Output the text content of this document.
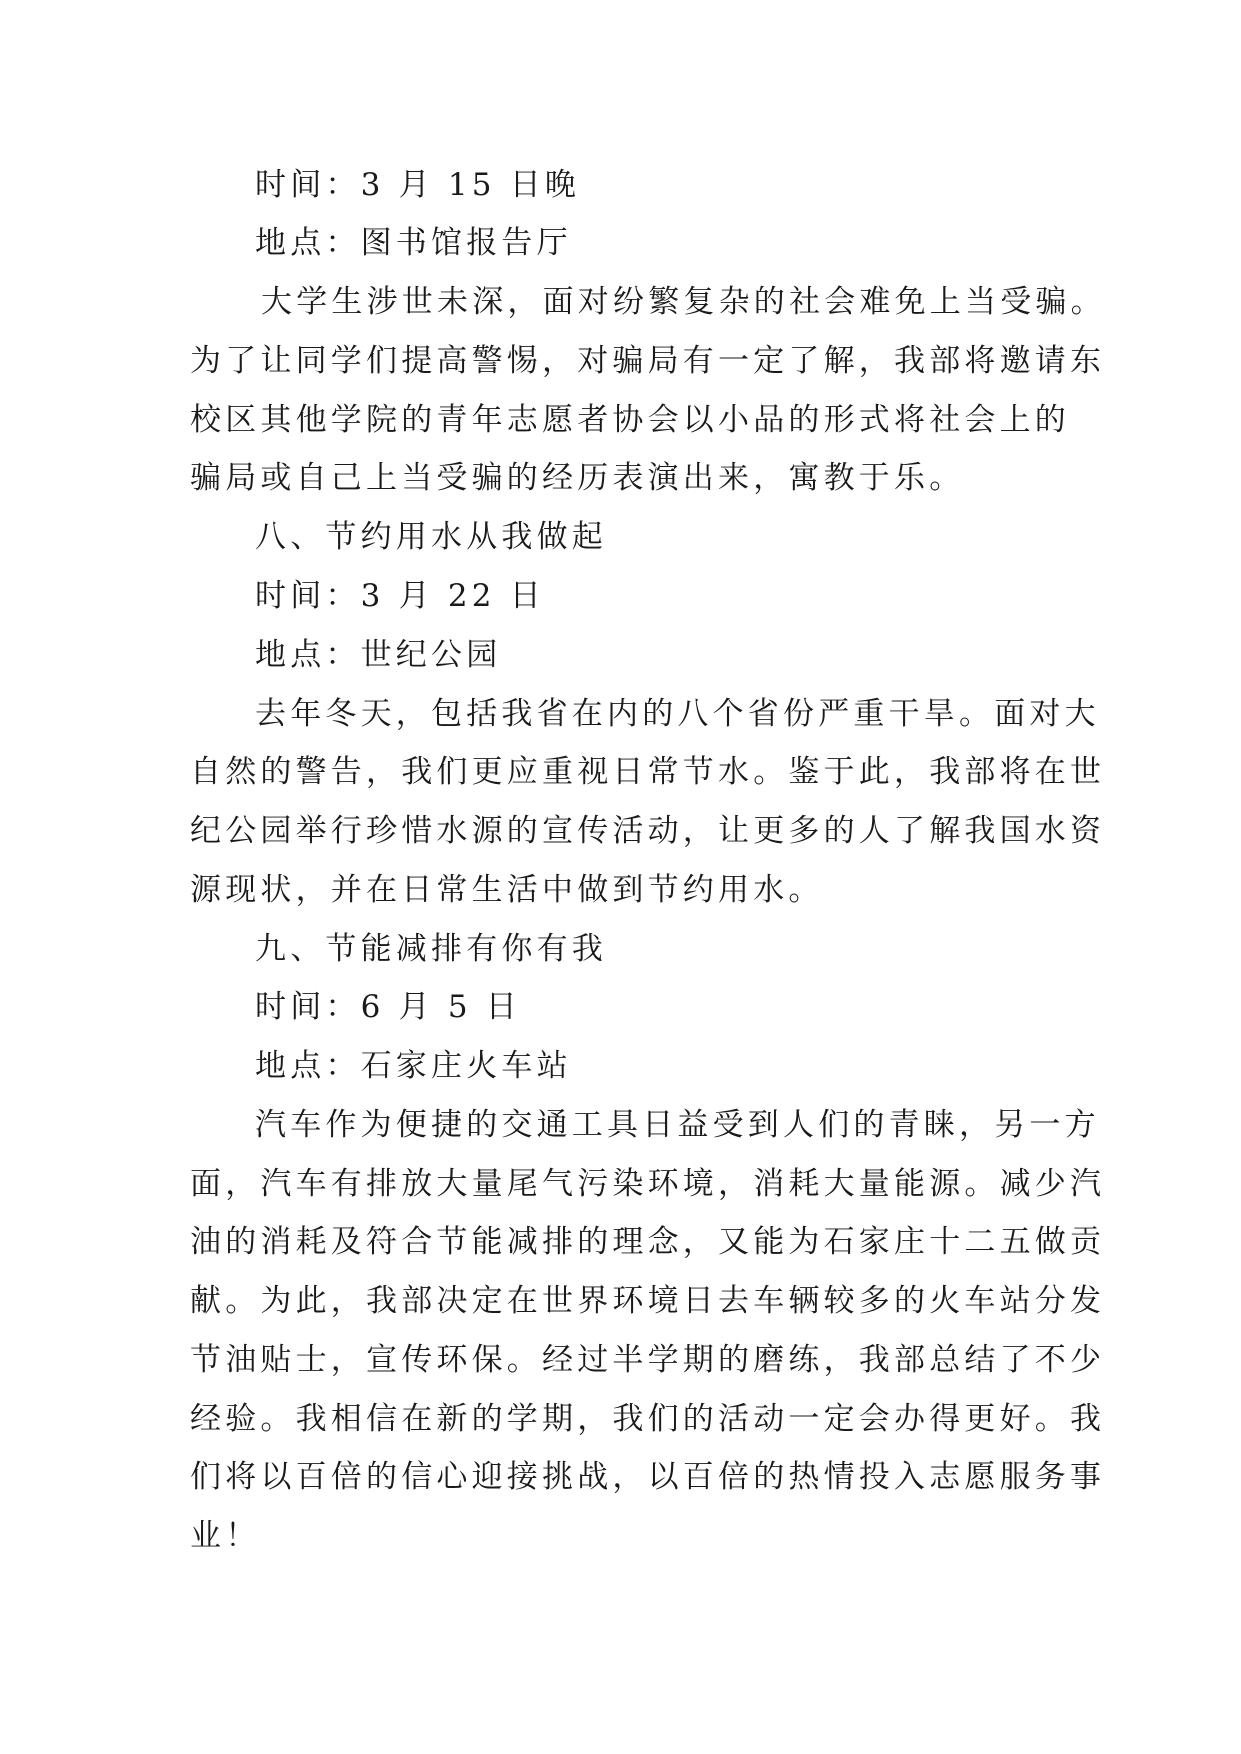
时间：3 月 15 日晚
地点：图书馆报告厅
大学生涉世未深，面对纷繁复杂的社会难免上当受骗。
为了让同学们提高警惕，对骗局有一定了解，我部将邀请东
校区其他学院的青年志愿者协会以小品的形式将社会上的
骗局或自己上当受骗的经历表演出来，寓教于乐。
八、节约用水从我做起
时间：3 月 22 日
地点：世纪公园
去年冬天，包括我省在内的八个省份严重干旱。面对大
自然的警告，我们更应重视日常节水。鉴于此，我部将在世
纪公园举行珍惜水源的宣传活动，让更多的人了解我国水资
源现状，并在日常生活中做到节约用水。
九、节能减排有你有我
时间：6 月 5 日
地点：石家庄火车站
汽车作为便捷的交通工具日益受到人们的青睐，另一方
面，汽车有排放大量尾气污染环境，消耗大量能源。减少汽
油的消耗及符合节能减排的理念，又能为石家庄十二五做贡
献。为此，我部决定在世界环境日去车辆较多的火车站分发
节油贴士，宣传环保。经过半学期的磨练，我部总结了不少
经验。我相信在新的学期，我们的活动一定会办得更好。我
们将以百倍的信心迎接挑战，以百倍的热情投入志愿服务事
业！
